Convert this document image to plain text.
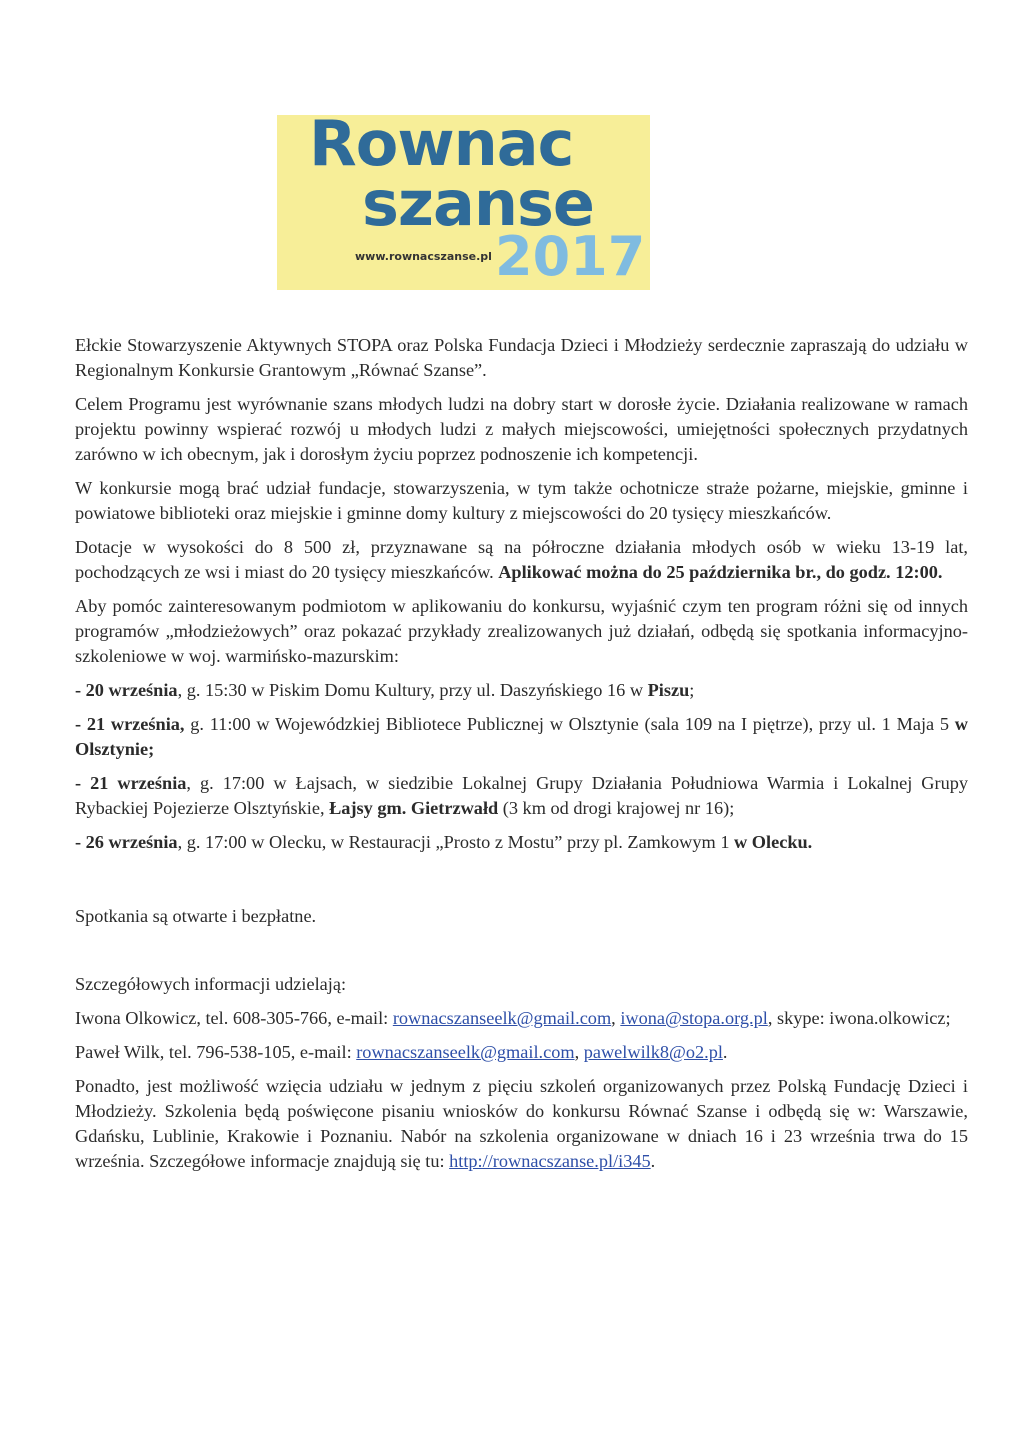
Rownac
szanse
www.rownacszanse.pl 2017

Ełckie Stowarzyszenie Aktywnych STOPA oraz Polska Fundacja Dzieci i Młodzieży serdecznie zapraszają do udziału w Regionalnym Konkursie Grantowym „Równać Szanse”.

Celem Programu jest wyrównanie szans młodych ludzi na dobry start w dorosłe życie. Działania realizowane w ramach projektu powinny wspierać rozwój u młodych ludzi z małych miejscowości, umiejętności społecznych przydatnych zarówno w ich obecnym, jak i dorosłym życiu poprzez podnoszenie ich kompetencji.

W konkursie mogą brać udział fundacje, stowarzyszenia, w tym także ochotnicze straże pożarne, miejskie, gminne i powiatowe biblioteki oraz miejskie i gminne domy kultury z miejscowości do 20 tysięcy mieszkańców.

Dotacje w wysokości do 8 500 zł, przyznawane są na półroczne działania młodych osób w wieku 13-19 lat, pochodzących ze wsi i miast do 20 tysięcy mieszkańców. Aplikować można do 25 października br., do godz. 12:00.

Aby pomóc zainteresowanym podmiotom w aplikowaniu do konkursu, wyjaśnić czym ten program różni się od innych programów „młodzieżowych” oraz pokazać przykłady zrealizowanych już działań, odbędą się spotkania informacyjno-szkoleniowe w woj. warmińsko-mazurskim:

- 20 września, g. 15:30 w Piskim Domu Kultury, przy ul. Daszyńskiego 16 w Piszu;

- 21 września, g. 11:00 w Wojewódzkiej Bibliotece Publicznej w Olsztynie (sala 109 na I piętrze), przy ul. 1 Maja 5 w Olsztynie;

- 21 września, g. 17:00 w Łajsach, w siedzibie Lokalnej Grupy Działania Południowa Warmia i Lokalnej Grupy Rybackiej Pojezierze Olsztyńskie, Łajsy gm. Gietrzwałd (3 km od drogi krajowej nr 16);

- 26 września, g. 17:00 w Olecku, w Restauracji „Prosto z Mostu” przy pl. Zamkowym 1 w Olecku.

Spotkania są otwarte i bezpłatne.

Szczegółowych informacji udzielają:

Iwona Olkowicz, tel. 608-305-766, e-mail: rownacszanseelk@gmail.com, iwona@stopa.org.pl, skype: iwona.olkowicz;

Paweł Wilk, tel. 796-538-105, e-mail: rownacszanseelk@gmail.com, pawelwilk8@o2.pl.

Ponadto, jest możliwość wzięcia udziału w jednym z pięciu szkoleń organizowanych przez Polską Fundację Dzieci i Młodzieży. Szkolenia będą poświęcone pisaniu wniosków do konkursu Równać Szanse i odbędą się w: Warszawie, Gdańsku, Lublinie, Krakowie i Poznaniu. Nabór na szkolenia organizowane w dniach 16 i 23 września trwa do 15 września. Szczegółowe informacje znajdują się tu: http://rownacszanse.pl/i345.
